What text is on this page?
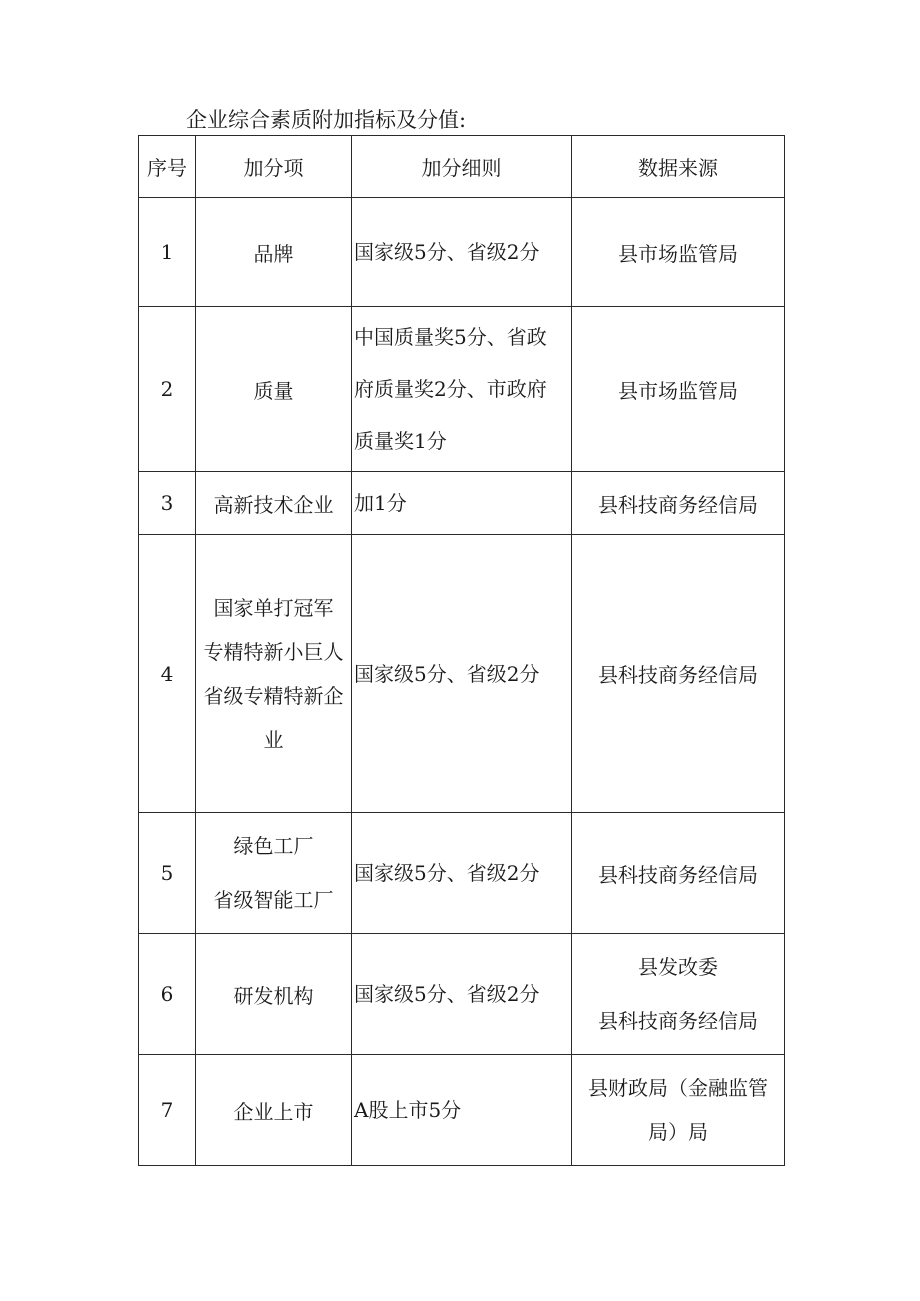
企业综合素质附加指标及分值:
序号	加分项	加分细则	数据来源
1	品牌	国家级5分、省级2分	县市场监管局
2	质量	中国质量奖5分、省政府质量奖2分、市政府质量奖1分	县市场监管局
3	高新技术企业	加1分	县科技商务经信局
4	国家单打冠军
专精特新小巨人
省级专精特新企业	国家级5分、省级2分	县科技商务经信局
5	绿色工厂
省级智能工厂	国家级5分、省级2分	县科技商务经信局
6	研发机构	国家级5分、省级2分	县发改委
县科技商务经信局

7	企业上市	A股上市5分	县财政局（金融监管局）局
